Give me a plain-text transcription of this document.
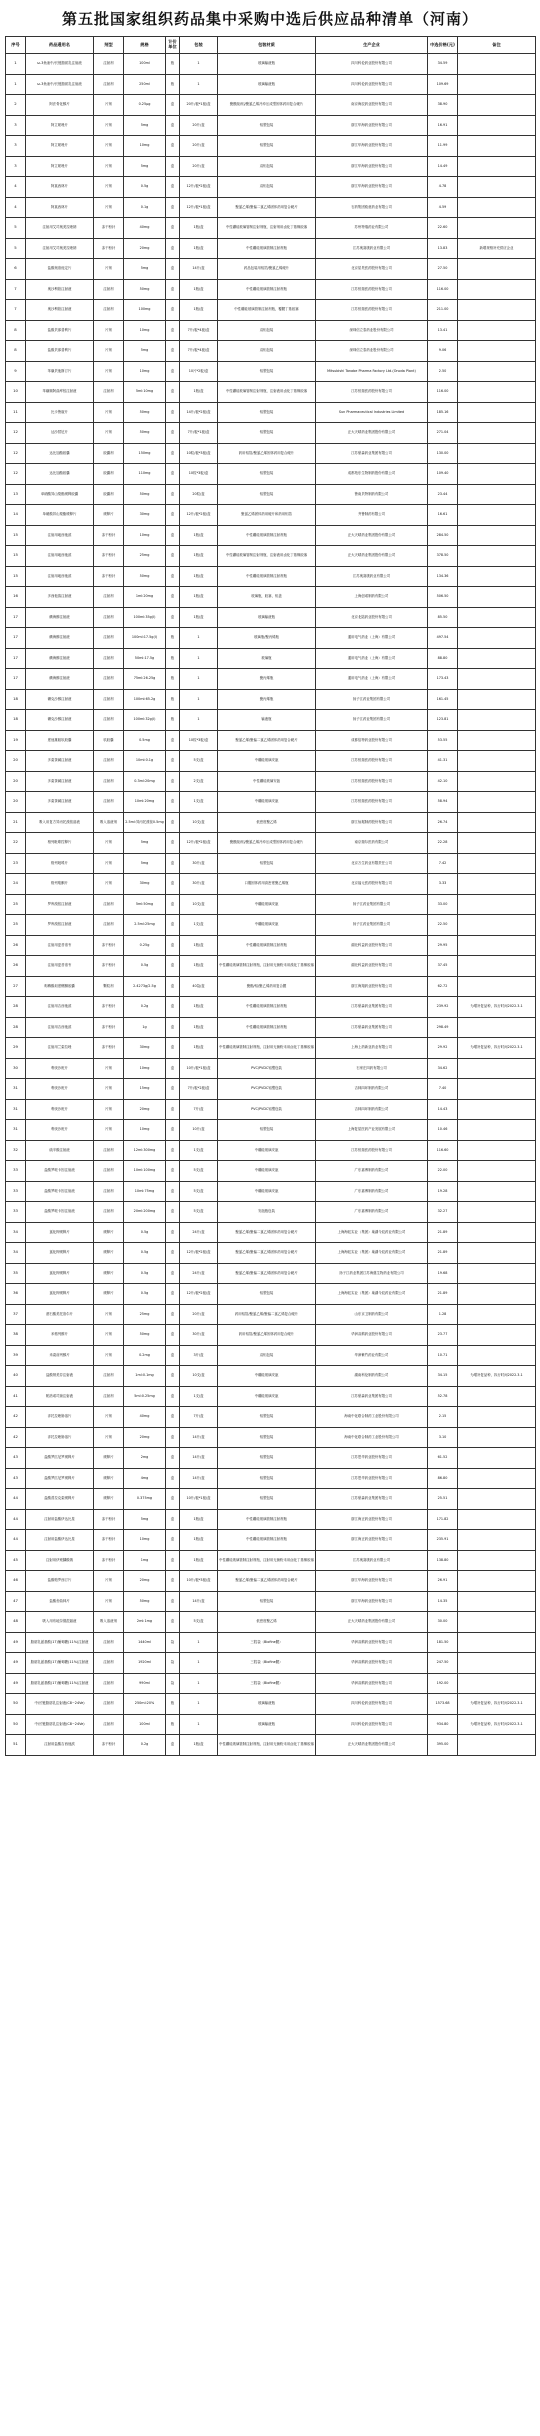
第五批国家组织药品集中采购中选后供应品种清单（河南）
序号	药品通用名	剂型	规格	计价单位	包装	包装材质	生产企业	中选价格(元)	备注
1	ω-3鱼油中/长链脂肪乳注射液	注射剂	100ml	瓶	1	玻璃输液瓶	四川科伦药业股份有限公司	34.59	
1	ω-3鱼油中/长链脂肪乳注射液	注射剂	250ml	瓶	1	玻璃输液瓶	四川科伦药业股份有限公司	109.69	
2	阿法骨化醇片	片剂	0.25μg	盒	20片/板*1板/盒	聚酰胺/铝/聚氯乙烯冷冲压成型固体药用复合硬片	南京海辰药业股份有限公司	38.90	
3	阿立哌唑片	片剂	5mg	盒	20片/盒	铝塑包装	浙江华海药业股份有限公司	16.91	
3	阿立哌唑片	片剂	10mg	盒	20片/盒	铝塑包装	浙江华海药业股份有限公司	11.99	
3	阿立哌唑片	片剂	5mg	盒	20片/盒	双铝包装	浙江华海药业股份有限公司	14.49	
4	阿莫西林片	片剂	0.5g	盒	12片/板*2板/盒	双铝包装	浙江华海药业股份有限公司	4.78	
4	阿莫西林片	片剂	0.1g	盒	12片/板*1板/盒	聚氯乙烯/聚偏二氯乙烯固体药用复合硬片	石药集团欧意药业有限公司	4.59	
5	注射用艾司奥美拉唑钠	冻干粉针	40mg	盒	1瓶/盒	中性硼硅玻璃管制注射剂瓶，注射剂用卤化丁基橡胶塞	苏州特瑞药业有限公司	22.60	
5	注射用艾司奥美拉唑钠	冻干粉针	20mg	盒	1瓶/盒	中性硼硅玻璃管制注射剂瓶	江苏奥赛康药业有限公司	13.83	新增规格补充供应企业
6	盐酸奥洛他定片	片剂	5mg	盒	14片/盒	药品包装用铝箔/聚氯乙烯硬片	北京星昊医药股份有限公司	27.50	
7	奥沙利铂注射液	注射剂	50mg	盒	1瓶/盒	中性硼硅玻璃管制注射剂瓶	江苏恒瑞医药股份有限公司	116.00	
7	奥沙利铂注射液	注射剂	100mg	盒	1瓶/盒	中性硼硅玻璃管制注射剂瓶，覆膜丁基胶塞	江苏恒瑞医药股份有限公司	211.00	
8	盐酸贝那普利片	片剂	10mg	盒	7片/板*4板/盒	双铝包装	深圳信立泰药业股份有限公司	13.41	
8	盐酸贝那普利片	片剂	5mg	盒	7片/板*4板/盒	双铝包装	深圳信立泰药业股份有限公司	9.06	
9	苯磺贝他斯汀片	片剂	10mg	盒	10片*2板/盒	铝塑包装	Mitsubishi Tanabe Pharma Factory Ltd.(Onoda Plant)	2.50	
10	苯磺顺阿曲库铵注射液	注射剂	5ml:10mg	盒	1瓶/盒	中性硼硅玻璃管制注射剂瓶，注射液用卤化丁基橡胶塞	江苏恒瑞医药股份有限公司	116.00	
11	比卡鲁胺片	片剂	50mg	盒	14片/板*2板/盒	铝塑包装	Sun Pharmaceutical Industries Limited	185.16	
12	达沙替尼片	片剂	50mg	盒	7片/板*1板/盒	铝塑包装	正大天晴药业集团股份有限公司	271.04	
12	达比加酯胶囊	胶囊剂	150mg	盒	10粒/板*3板/盒	药用铝箔/聚氯乙烯固体药用复合硬片	江苏豪森药业集团有限公司	130.00	
12	达比加酯胶囊	胶囊剂	110mg	盒	10粒*3板/盒	铝塑包装	成都苑东生物制药股份有限公司	109.40	
13	单硝酸异山梨酯缓释胶囊	胶囊剂	50mg	盒	20粒/盒	铝塑包装	鲁南贝特制药有限公司	23.44	
14	单硝酸异山梨酯缓释片	缓释片	30mg	盒	12片/板*2板/盒	聚氯乙烯固体药用硬片和药用铝箔	齐鲁制药有限公司	16.61	
15	注射用地西他滨	冻干粉针	10mg	盒	1瓶/盒	中性硼硅玻璃管制注射剂瓶	正大天晴药业集团股份有限公司	284.50	
15	注射用地西他滨	冻干粉针	25mg	盒	1瓶/盒	中性硼硅玻璃管制注射剂瓶，注射液用卤化丁基橡胶塞	正大天晴药业集团股份有限公司	378.50	
15	注射用地西他滨	冻干粉针	50mg	盒	1瓶/盒	中性硼硅玻璃管制注射剂瓶	江苏奥赛康药业有限公司	134.36	
16	多西他赛注射液	注射剂	1ml:20mg	盒	1瓶/盒	玻璃瓶，胶塞，铝盖	上海创诺制药有限公司	506.50	
17	碘海醇注射液	注射剂	100ml:35g(I)	盒	1瓶/盒	玻璃输液瓶	北京北陆药业股份有限公司	85.50	
17	碘海醇注射液	注射剂	100ml:17.5g(I)	瓶	1	玻璃瓶/聚丙烯瓶	通用电气药业（上海）有限公司	497.54	
17	碘海醇注射液	注射剂	50ml:17.5g	瓶	1	玻璃瓶	通用电气药业（上海）有限公司	88.80	
17	碘海醇注射液	注射剂	75ml:26.25g	瓶	1	聚丙烯瓶	通用电气药业（上海）有限公司	173.43	
18	碘克沙醇注射液	注射剂	100ml:65.2g	瓶	1	聚丙烯瓶	扬子江药业集团有限公司	161.45	
18	碘克沙醇注射液	注射剂	100ml:32g(I)	瓶	1	输液瓶	扬子江药业集团有限公司	123.81	
19	度他雄胺软胶囊	软胶囊	0.5mg	盒	10粒*3板/盒	聚氯乙烯/聚偏二氯乙烯固体药用复合硬片	成都倍特药业股份有限公司	53.55	
20	多索茶碱注射液	注射剂	10ml:0.1g	盒	5支/盒	中硼硅玻璃安瓿	江苏恒瑞医药股份有限公司	41.31	
20	多索茶碱注射液	注射剂	0.3ml:20mg	盒	2支/盒	中性硼硅玻璃安瓿	江苏恒瑞医药股份有限公司	42.10	
20	多索茶碱注射液	注射剂	10ml:20mg	盒	1支/盒	中硼硅玻璃安瓿	江苏恒瑞医药股份有限公司	58.94	
21	吸入用复方异丙托溴铵溶液	吸入溶液剂	2.5ml:异丙托溴铵0.5mg	盒	10支/盒	低密度聚乙烯	浙江仙琚制药股份有限公司	26.74	
22	格列吡嗪控释片	片剂	5mg	盒	12片/板*2板/盒	聚酰胺/铝/聚氯乙烯冷冲压成型固体药用复合硬片	南京瑞尔医药有限公司	22.28	
23	格列吡嗪片	片剂	5mg	盒	30片/盒	铝塑包装	北京万生药业有限责任公司	7.42	
24	格列喹酮片	片剂	30mg	盒	30片/盒	口服固体药用高密度聚乙烯瓶	北京福元医药股份有限公司	3.33	
25	罗库溴铵注射液	注射剂	5ml:50mg	盒	10支/盒	中硼硅玻璃安瓿	扬子江药业集团有限公司	33.00	
25	罗库溴铵注射液	注射剂	2.5ml:25mg	盒	1支/盒	中硼硅玻璃安瓿	扬子江药业集团有限公司	22.50	
26	注射用更昔洛韦	冻干粉针	0.25g	盒	1瓶/盒	中性硼硅玻璃管制注射剂瓶	湖北科益药业股份有限公司	29.95	
26	注射用更昔洛韦	冻干粉针	0.5g	盒	1瓶/盒	中性硼硅玻璃管制注射剂瓶，注射用无菌粉末用溴化丁基橡胶塞	湖北科益药业股份有限公司	37.45	
27	枸橼酸坦度螺酮胶囊	颗粒剂	2.4273g/2.5g	盒	40袋/盒	聚酯/铝/聚乙烯药用复合膜	浙江海翔药业股份有限公司	62.72	
28	注射用吉西他滨	冻干粉针	0.2g	盒	1瓶/盒	中性硼硅玻璃管制注射剂瓶	江苏豪森药业集团有限公司	239.92	为增补复品种，执行时间2022.3.1
28	注射用吉西他滨	冻干粉针	1g	盒	1瓶/盒	中性硼硅玻璃管制注射剂瓶	江苏豪森药业集团有限公司	298.49	
29	注射用兰索拉唑	冻干粉针	30mg	盒	1瓶/盒	中性硼硅玻璃管制注射剂瓶，注射用无菌粉末用卤化丁基橡胶塞	上海上药新亚药业有限公司	29.92	为增补复品种，执行时间2022.3.1
30	利伐沙班片	片剂	10mg	盒	10片/板*1板/盒	PVC/PVDC铝塑包装	石家庄四药有限公司	34.62	
31	利伐沙班片	片剂	15mg	盒	7片/板*2板/盒	PVC/PVDC铝塑包装	吉林四环制药有限公司	7.40	
31	利伐沙班片	片剂	20mg	盒	7片/盒	PVC/PVDC铝塑包装	吉林四环制药有限公司	14.43	
31	利伐沙班片	片剂	10mg	盒	10片/盒	铝塑包装	上海复星医药产业发展有限公司	10.46	
32	硫辛酸注射液	注射剂	12ml:300mg	盒	1支/盒	中硼硅玻璃安瓿	江苏恒瑞医药股份有限公司	116.60	
33	盐酸罗哌卡因注射液	注射剂	10ml:100mg	盒	5支/盒	中硼硅玻璃安瓿	广东嘉博制药有限公司	22.00	
33	盐酸罗哌卡因注射液	注射剂	10ml:75mg	盒	5支/盒	中硼硅玻璃安瓿	广东嘉博制药有限公司	19.28	
33	盐酸罗哌卡因注射液	注射剂	20ml:200mg	盒	5支/盒	安瓿瓶包装	广东嘉博制药有限公司	32.27	
34	氯化钾缓释片	缓释片	0.5g	盒	24片/盒	聚氯乙烯/聚偏二氯乙烯固体药用复合硬片	上海海虹实业（集团）巢湖今辰药业有限公司	21.89	
34	氯化钾缓释片	缓释片	0.5g	盒	12片/板*2板/盒	聚氯乙烯/聚偏二氯乙烯固体药用复合硬片	上海海虹实业（集团）巢湖今辰药业有限公司	21.89	
35	氯化钾缓释片	缓释片	0.5g	盒	24片/盒	聚氯乙烯/聚偏二氯乙烯固体药用复合硬片	扬子江药业集团江苏海慈生物药业有限公司	19.68	
36	氯化钾缓释片	缓释片	0.5g	盒	12片/板*2板/盒	铝塑包装	上海海虹实业（集团）巢湖今辰药业有限公司	21.89	
37	酒石酸美托洛尔片	片剂	25mg	盒	20片/盒	药用铝箔/聚氯乙烯/聚偏二氯乙烯复合硬片	山东京卫制药有限公司	1.28	
38	米格列醇片	片剂	50mg	盒	30片/盒	药用铝箔/聚氯乙烯固体药用复合硬片	华润双鹤药业股份有限公司	23.77	
39	米索前列醇片	片剂	0.2mg	盒	3片/盒	双铝包装	华润紫竹药业有限公司	10.71	
40	盐酸纳美芬注射液	注射剂	1ml:0.1mg	盒	10支/盒	中硼硅玻璃安瓿	湖南科伦制药有限公司	34.15	为增补复品种，执行时间2022.3.1
41	帕洛诺司琼注射液	注射剂	5ml:0.25mg	盒	1支/盒	中硼硅玻璃安瓿	江苏豪森药业集团有限公司	52.78	
42	泮托拉唑肠溶片	片剂	40mg	盒	7片/盒	铝塑包装	海南中化联合制药工业股份有限公司	2.15	
42	泮托拉唑肠溶片	片剂	20mg	盒	14片/盒	铝塑包装	海南中化联合制药工业股份有限公司	3.10	
43	盐酸罗匹尼罗缓释片	缓释片	2mg	盒	14片/盒	铝塑包装	江苏恩华药业股份有限公司	61.52	
43	盐酸罗匹尼罗缓释片	缓释片	4mg	盒	14片/盒	铝塑包装	江苏恩华药业股份有限公司	86.80	
44	盐酸普拉克索缓释片	缓释片	0.375mg	盒	10片/板*1板/盒	铝塑包装	江苏豪森药业集团有限公司	25.51	
44	注射用盐酸伊达比星	冻干粉针	5mg	盒	1瓶/盒	中性硼硅玻璃管制注射剂瓶	浙江海正药业股份有限公司	171.82	
44	注射用盐酸伊达比星	冻干粉针	10mg	盒	1瓶/盒	中性硼硅玻璃管制注射剂瓶	浙江海正药业股份有限公司	235.91	
45	注射用伊班膦酸钠	冻干粉针	1mg	盒	1瓶/盒	中性硼硅玻璃管制注射剂瓶，注射用无菌粉末用卤化丁基橡胶塞	江苏奥赛康药业有限公司	138.80	
46	盐酸帕罗西汀片	片剂	20mg	盒	10片/板*3板/盒	聚氯乙烯/聚偏二氯乙烯固体药用复合硬片	浙江华海药业股份有限公司	26.91	
47	盐酸舍曲林片	片剂	50mg	盒	14片/盒	铝塑包装	浙江华海药业股份有限公司	14.35	
48	吸入用布地奈德混悬液	吸入溶液剂	2ml:1mg	盒	5支/盒	低密度聚乙烯	正大天晴药业集团股份有限公司	30.00	
49	脂肪乳氨基酸(17)葡萄糖(11%)注射液	注射剂	1440ml	袋	1	三腔袋（Biofine膜）	华润双鹤药业股份有限公司	181.50	
49	脂肪乳氨基酸(17)葡萄糖(11%)注射液	注射剂	1920ml	袋	1	三腔袋（Biofine膜）	华润双鹤药业股份有限公司	247.50	
49	脂肪乳氨基酸(17)葡萄糖(11%)注射液	注射剂	990ml	袋	1	三腔袋（Biofine膜）	华润双鹤药业股份有限公司	192.00	
50	中/长链脂肪乳注射液(C8~24Ve)	注射剂	250ml:20%	瓶	1	玻璃输液瓶	四川科伦药业股份有限公司	1573.68	为增补复品种，执行时间2022.3.1
50	中/长链脂肪乳注射液(C8~24Ve)	注射剂	100ml	瓶	1	玻璃输液瓶	四川科伦药业股份有限公司	934.80	为增补复品种，执行时间2022.3.1
51	注射用盐酸吉西他滨	冻干粉针	0.2g	盒	1瓶/盒	中性硼硅玻璃管制注射剂瓶，注射用无菌粉末用卤化丁基橡胶塞	正大天晴药业集团股份有限公司	395.00	
